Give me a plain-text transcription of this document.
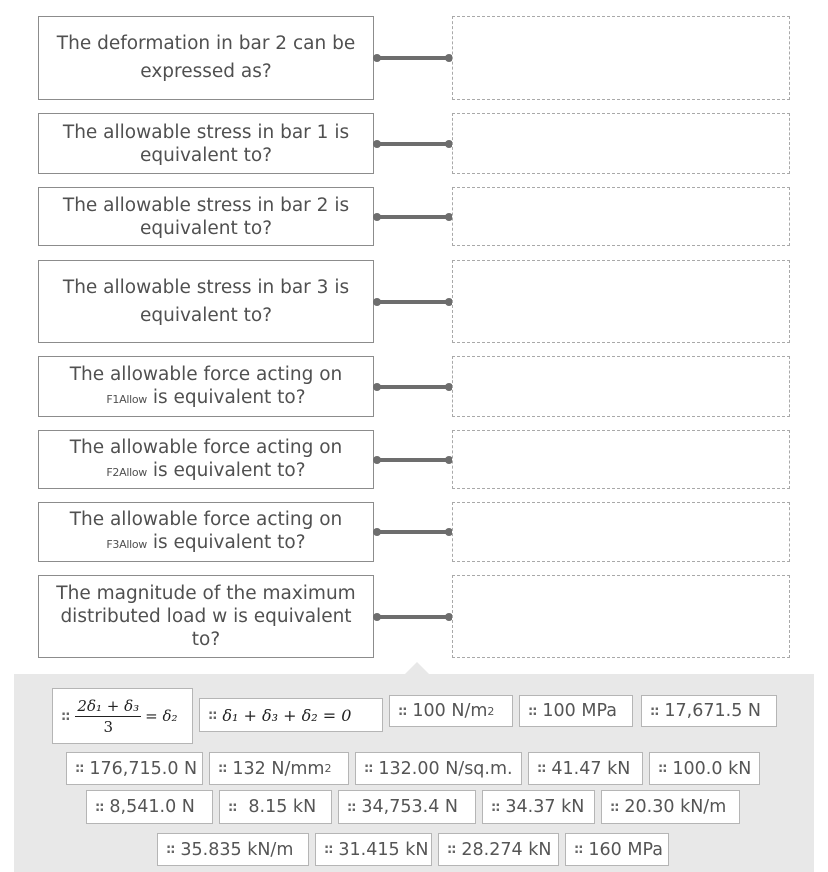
The deformation in bar 2 can be expressed as?
The allowable stress in bar 1 is equivalent to?
The allowable stress in bar 2 is equivalent to?
The allowable stress in bar 3 is equivalent to?
The allowable force acting on
F1Allow is equivalent to?
The allowable force acting on
F2Allow is equivalent to?
The allowable force acting on
F3Allow is equivalent to?
The magnitude of the maximum distributed load w is equivalent to?
:: $\frac{\text{2δ₁ + δ₃}}{3} = \delta_2$ :: δ₁ + δ₃ + δ₂ = 0	:: 100 N/m 2	:: 100 MPa	:: 17,671.5 N
:: 176,715.0 N :: 132 N/mm 2	:: 132.00 N/sq.m. :: 41.47 kN :: 100.0 kN
:: 8,541.0 N	:: 8.15 kN :: 34,753.4 N	:: 34.37 kN :: 20.30 kN/m
:: 35.835 kN/m :: 31.415 kN :: 28.274 kN :: 160 MPa
